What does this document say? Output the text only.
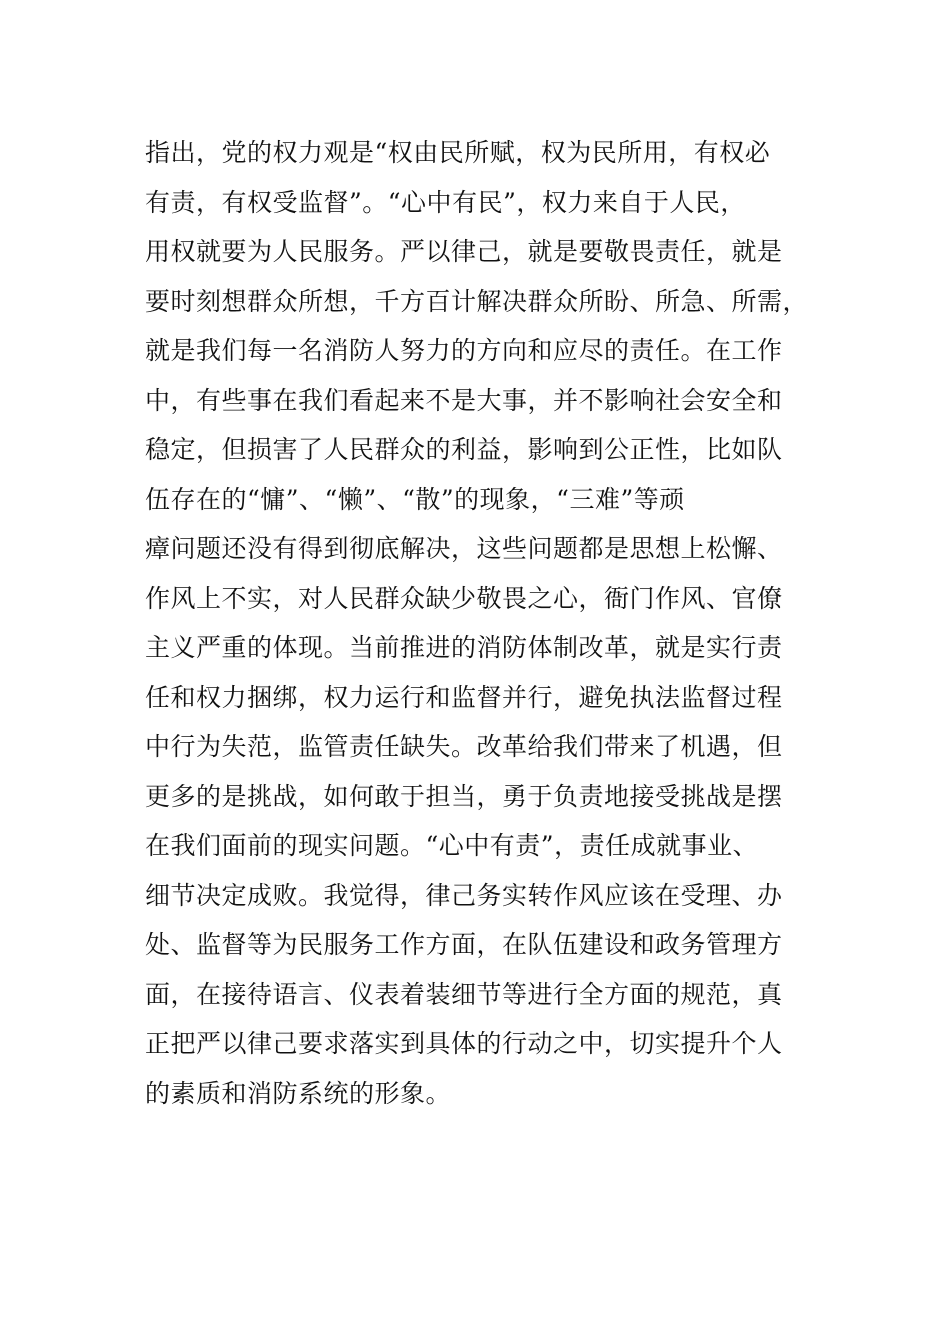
指出，党的权力观是“权由民所赋，权为民所用，有权必
有责，有权受监督”。“心中有民”，权力来自于人民，
用权就要为人民服务。严以律己，就是要敬畏责任，就是
要时刻想群众所想，千方百计解决群众所盼、所急、所需，
就是我们每一名消防人努力的方向和应尽的责任。在工作
中，有些事在我们看起来不是大事，并不影响社会安全和
稳定，但损害了人民群众的利益，影响到公正性，比如队
伍存在的“慵”、“懒”、“散”的现象，“三难”等顽
瘴问题还没有得到彻底解决，这些问题都是思想上松懈、
作风上不实，对人民群众缺少敬畏之心，衙门作风、官僚
主义严重的体现。当前推进的消防体制改革，就是实行责
任和权力捆绑，权力运行和监督并行，避免执法监督过程
中行为失范，监管责任缺失。改革给我们带来了机遇，但
更多的是挑战，如何敢于担当，勇于负责地接受挑战是摆
在我们面前的现实问题。“心中有责”，责任成就事业、
细节决定成败。我觉得，律己务实转作风应该在受理、办
处、监督等为民服务工作方面，在队伍建设和政务管理方
面，在接待语言、仪表着装细节等进行全方面的规范，真
正把严以律己要求落实到具体的行动之中，切实提升个人
的素质和消防系统的形象。
